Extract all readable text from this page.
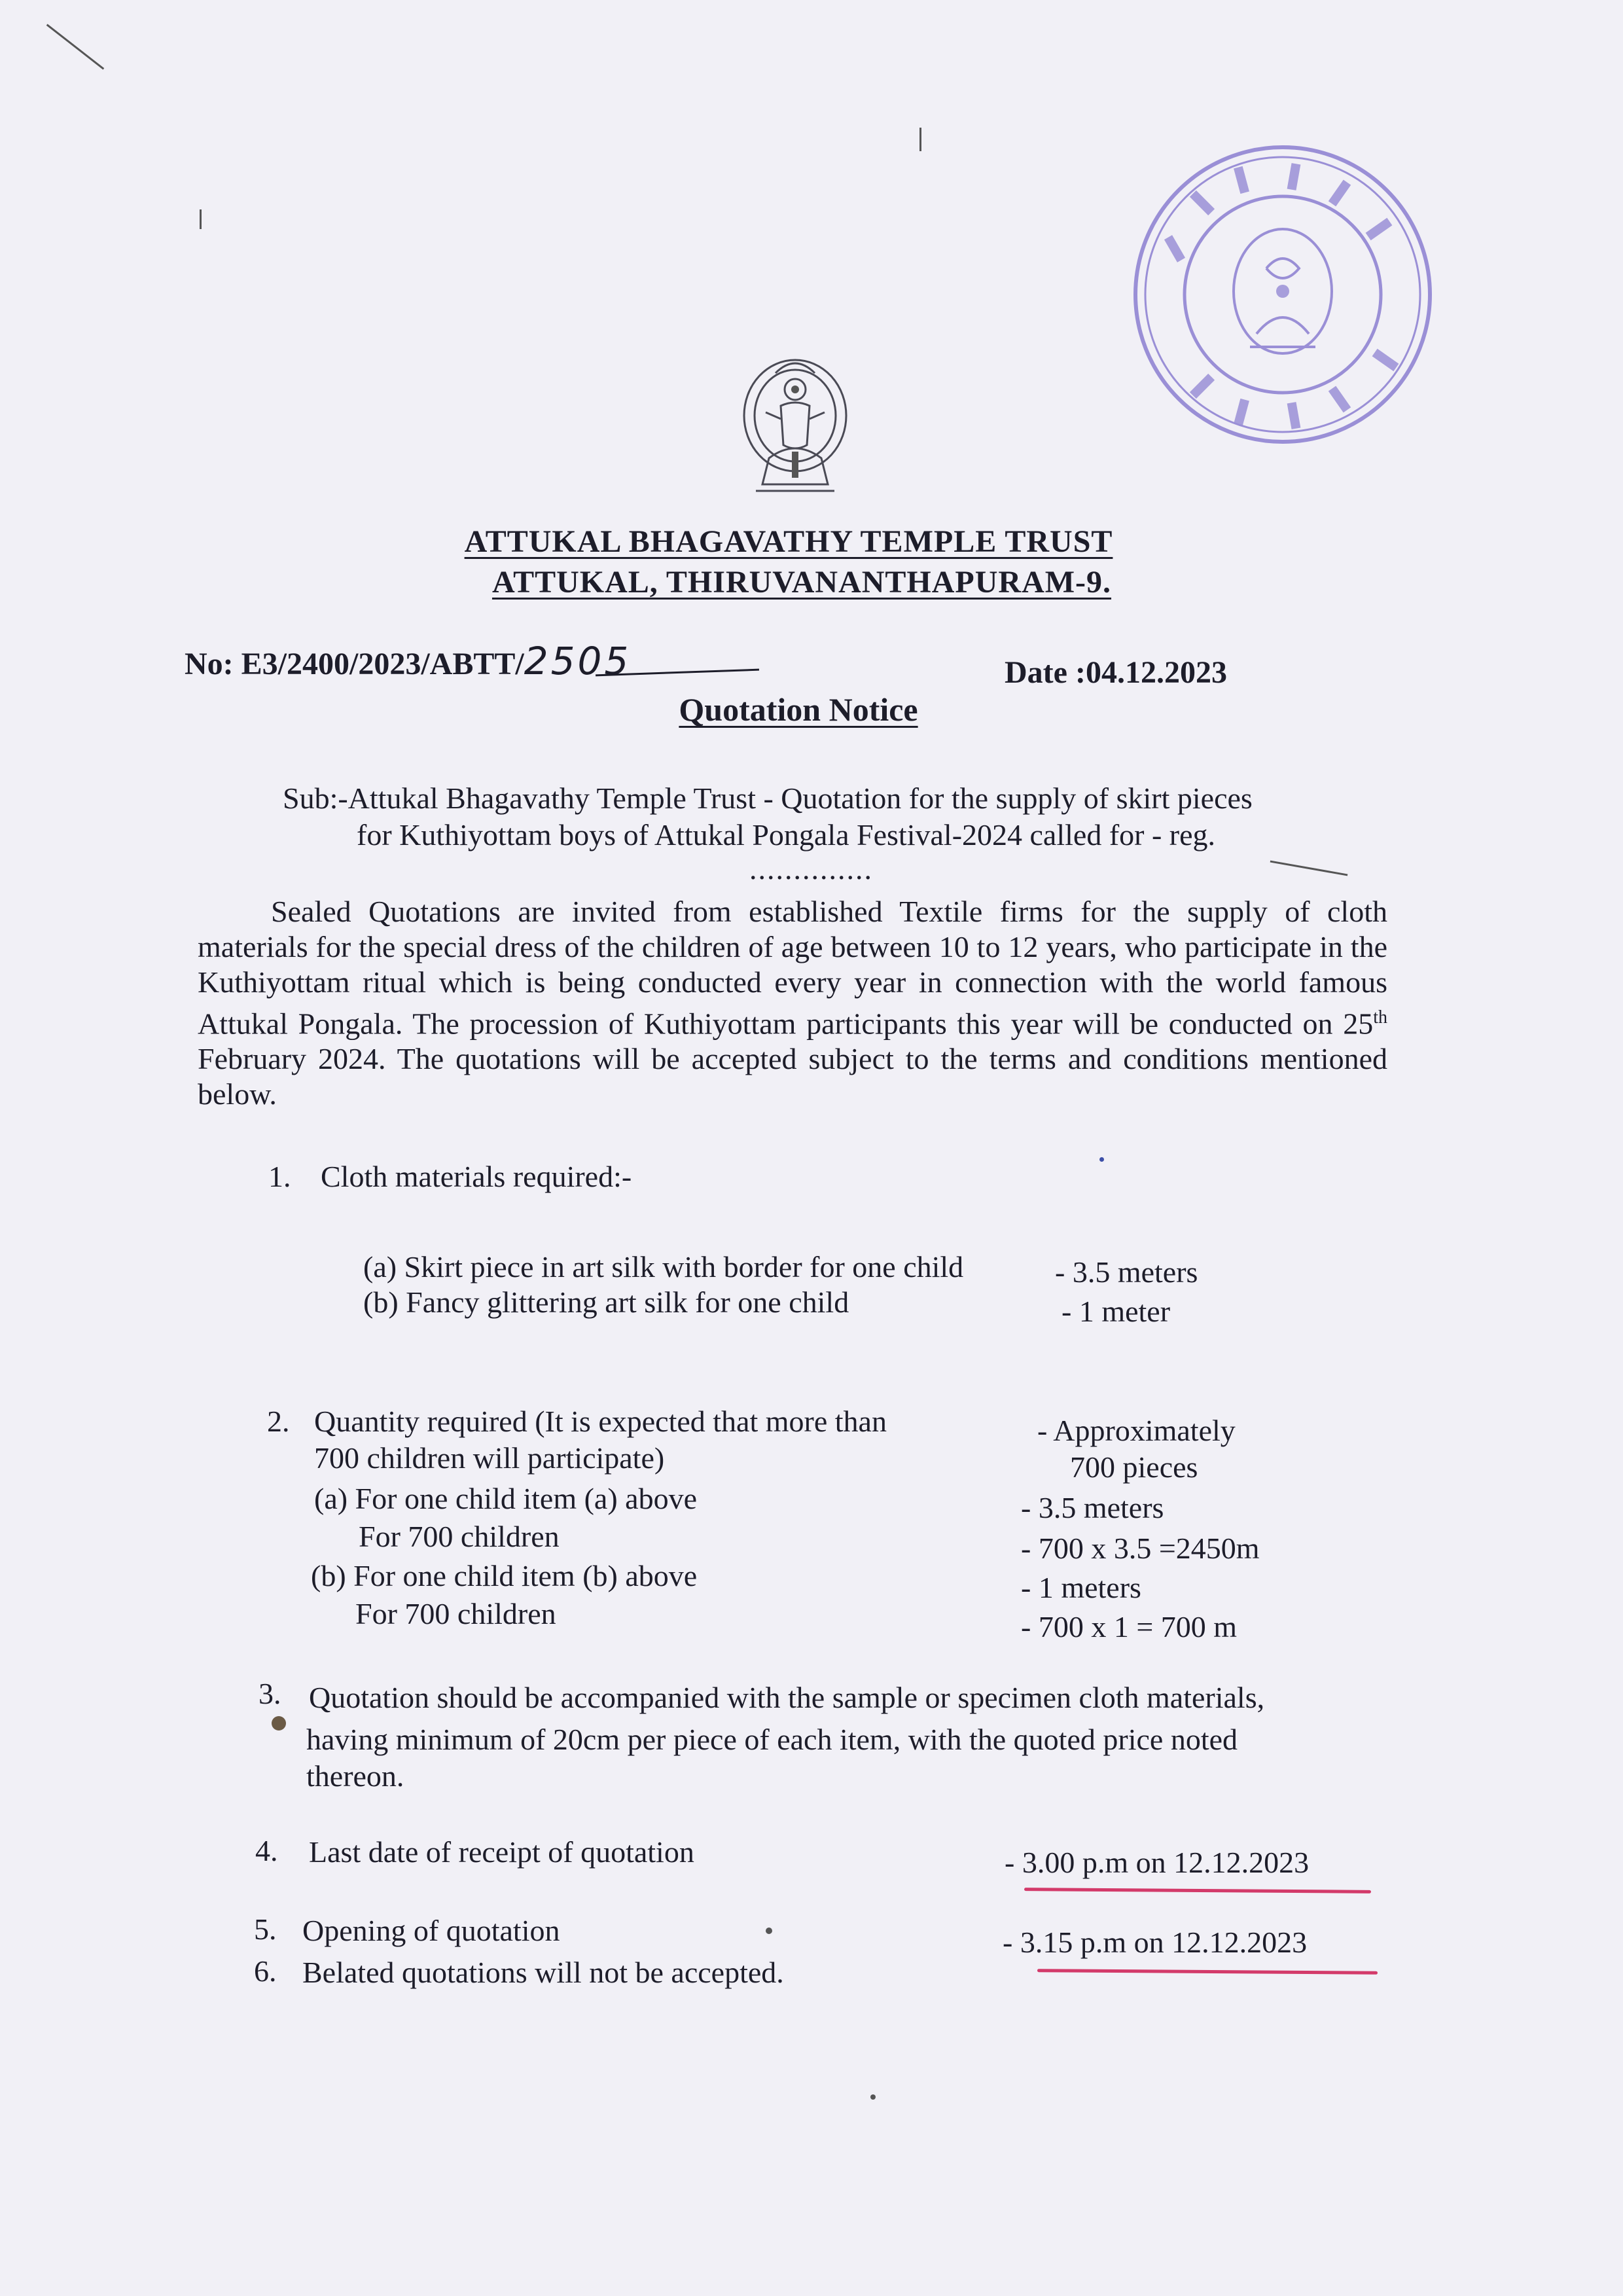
ATTUKAL BHAGAVATHY TEMPLE TRUST
ATTUKAL, THIRUVANANTHAPURAM-9.
No: E3/2400/2023/ABTT/2505	Date :04.12.2023
Quotation Notice
Sub:-Attukal Bhagavathy Temple Trust - Quotation for the supply of skirt pieces
for Kuthiyottam boys of Attukal Pongala Festival-2024 called for - reg.
..............
Sealed Quotations are invited from established Textile firms for the supply of cloth materials for the special dress of the children of age between 10 to 12 years, who participate in the Kuthiyottam ritual which is being conducted every year in connection with the world famous Attukal Pongala. The procession of Kuthiyottam participants this year will be conducted on 25th February 2024. The quotations will be accepted subject to the terms and conditions mentioned below.
1. Cloth materials required:-
(a) Skirt piece in art silk with border for one child	- 3.5 meters
(b) Fancy glittering art silk for one child	- 1 meter
2. Quantity required (It is expected that more than
700 children will participate)
- Approximately
700 pieces
(a) For one child item (a) above	- 3.5 meters
For 700 children	- 700 x 3.5 =2450m
(b) For one child item (b) above	- 1 meters
For 700 children	- 700 x 1 = 700 m
3. Quotation should be accompanied with the sample or specimen cloth materials,
having minimum of 20cm per piece of each item, with the quoted price noted
thereon.
4. Last date of receipt of quotation	- 3.00 p.m on 12.12.2023
5. Opening of quotation	- 3.15 p.m on 12.12.2023
6. Belated quotations will not be accepted.
